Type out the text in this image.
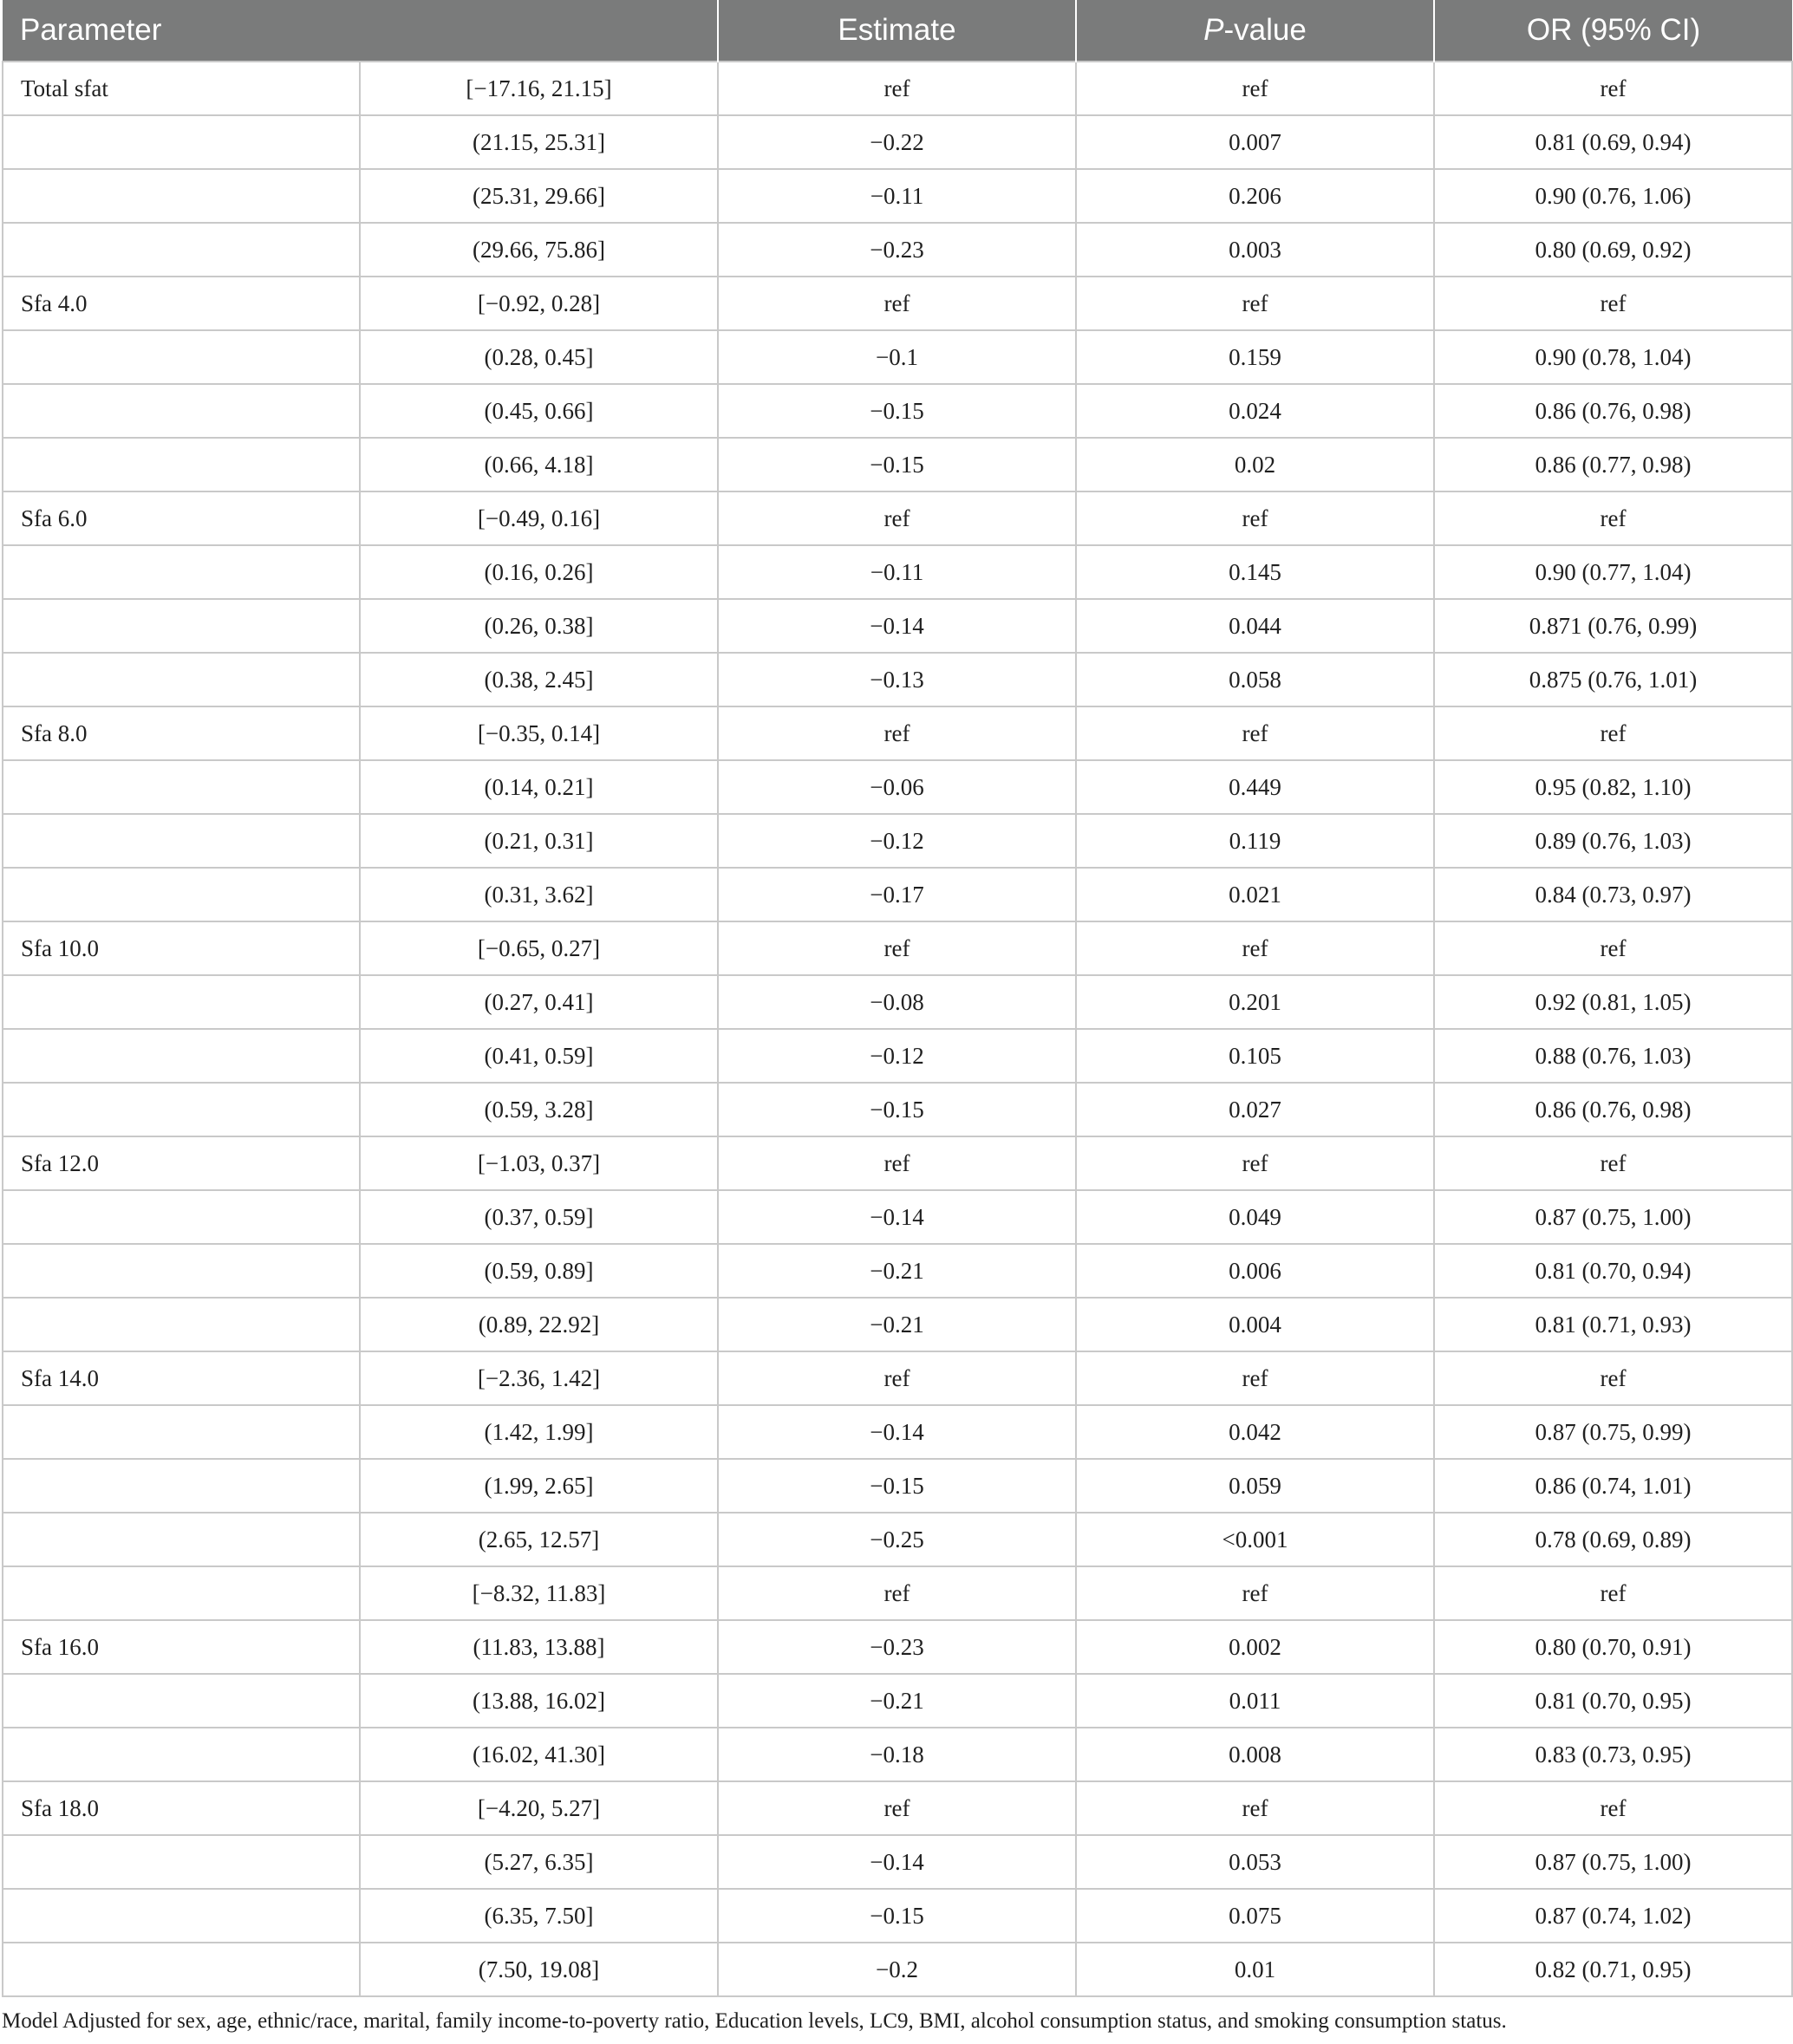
Parameter		Estimate	P-value	OR (95% CI)
Total sfat	[−17.16, 21.15]	ref	ref	ref
	(21.15, 25.31]	−0.22	0.007	0.81 (0.69, 0.94)
	(25.31, 29.66]	−0.11	0.206	0.90 (0.76, 1.06)
	(29.66, 75.86]	−0.23	0.003	0.80 (0.69, 0.92)
Sfa 4.0	[−0.92, 0.28]	ref	ref	ref
	(0.28, 0.45]	−0.1	0.159	0.90 (0.78, 1.04)
	(0.45, 0.66]	−0.15	0.024	0.86 (0.76, 0.98)
	(0.66, 4.18]	−0.15	0.02	0.86 (0.77, 0.98)
Sfa 6.0	[−0.49, 0.16]	ref	ref	ref
	(0.16, 0.26]	−0.11	0.145	0.90 (0.77, 1.04)
	(0.26, 0.38]	−0.14	0.044	0.871 (0.76, 0.99)
	(0.38, 2.45]	−0.13	0.058	0.875 (0.76, 1.01)
Sfa 8.0	[−0.35, 0.14]	ref	ref	ref
	(0.14, 0.21]	−0.06	0.449	0.95 (0.82, 1.10)
	(0.21, 0.31]	−0.12	0.119	0.89 (0.76, 1.03)
	(0.31, 3.62]	−0.17	0.021	0.84 (0.73, 0.97)
Sfa 10.0	[−0.65, 0.27]	ref	ref	ref
	(0.27, 0.41]	−0.08	0.201	0.92 (0.81, 1.05)
	(0.41, 0.59]	−0.12	0.105	0.88 (0.76, 1.03)
	(0.59, 3.28]	−0.15	0.027	0.86 (0.76, 0.98)
Sfa 12.0	[−1.03, 0.37]	ref	ref	ref
	(0.37, 0.59]	−0.14	0.049	0.87 (0.75, 1.00)
	(0.59, 0.89]	−0.21	0.006	0.81 (0.70, 0.94)
	(0.89, 22.92]	−0.21	0.004	0.81 (0.71, 0.93)
Sfa 14.0	[−2.36, 1.42]	ref	ref	ref
	(1.42, 1.99]	−0.14	0.042	0.87 (0.75, 0.99)
	(1.99, 2.65]	−0.15	0.059	0.86 (0.74, 1.01)
	(2.65, 12.57]	−0.25	<0.001	0.78 (0.69, 0.89)
	[−8.32, 11.83]	ref	ref	ref
Sfa 16.0	(11.83, 13.88]	−0.23	0.002	0.80 (0.70, 0.91)
	(13.88, 16.02]	−0.21	0.011	0.81 (0.70, 0.95)
	(16.02, 41.30]	−0.18	0.008	0.83 (0.73, 0.95)
Sfa 18.0	[−4.20, 5.27]	ref	ref	ref
	(5.27, 6.35]	−0.14	0.053	0.87 (0.75, 1.00)
	(6.35, 7.50]	−0.15	0.075	0.87 (0.74, 1.02)
	(7.50, 19.08]	−0.2	0.01	0.82 (0.71, 0.95)
Model Adjusted for sex, age, ethnic/race, marital, family income-to-poverty ratio, Education levels, LC9, BMI, alcohol consumption status, and smoking consumption status.
